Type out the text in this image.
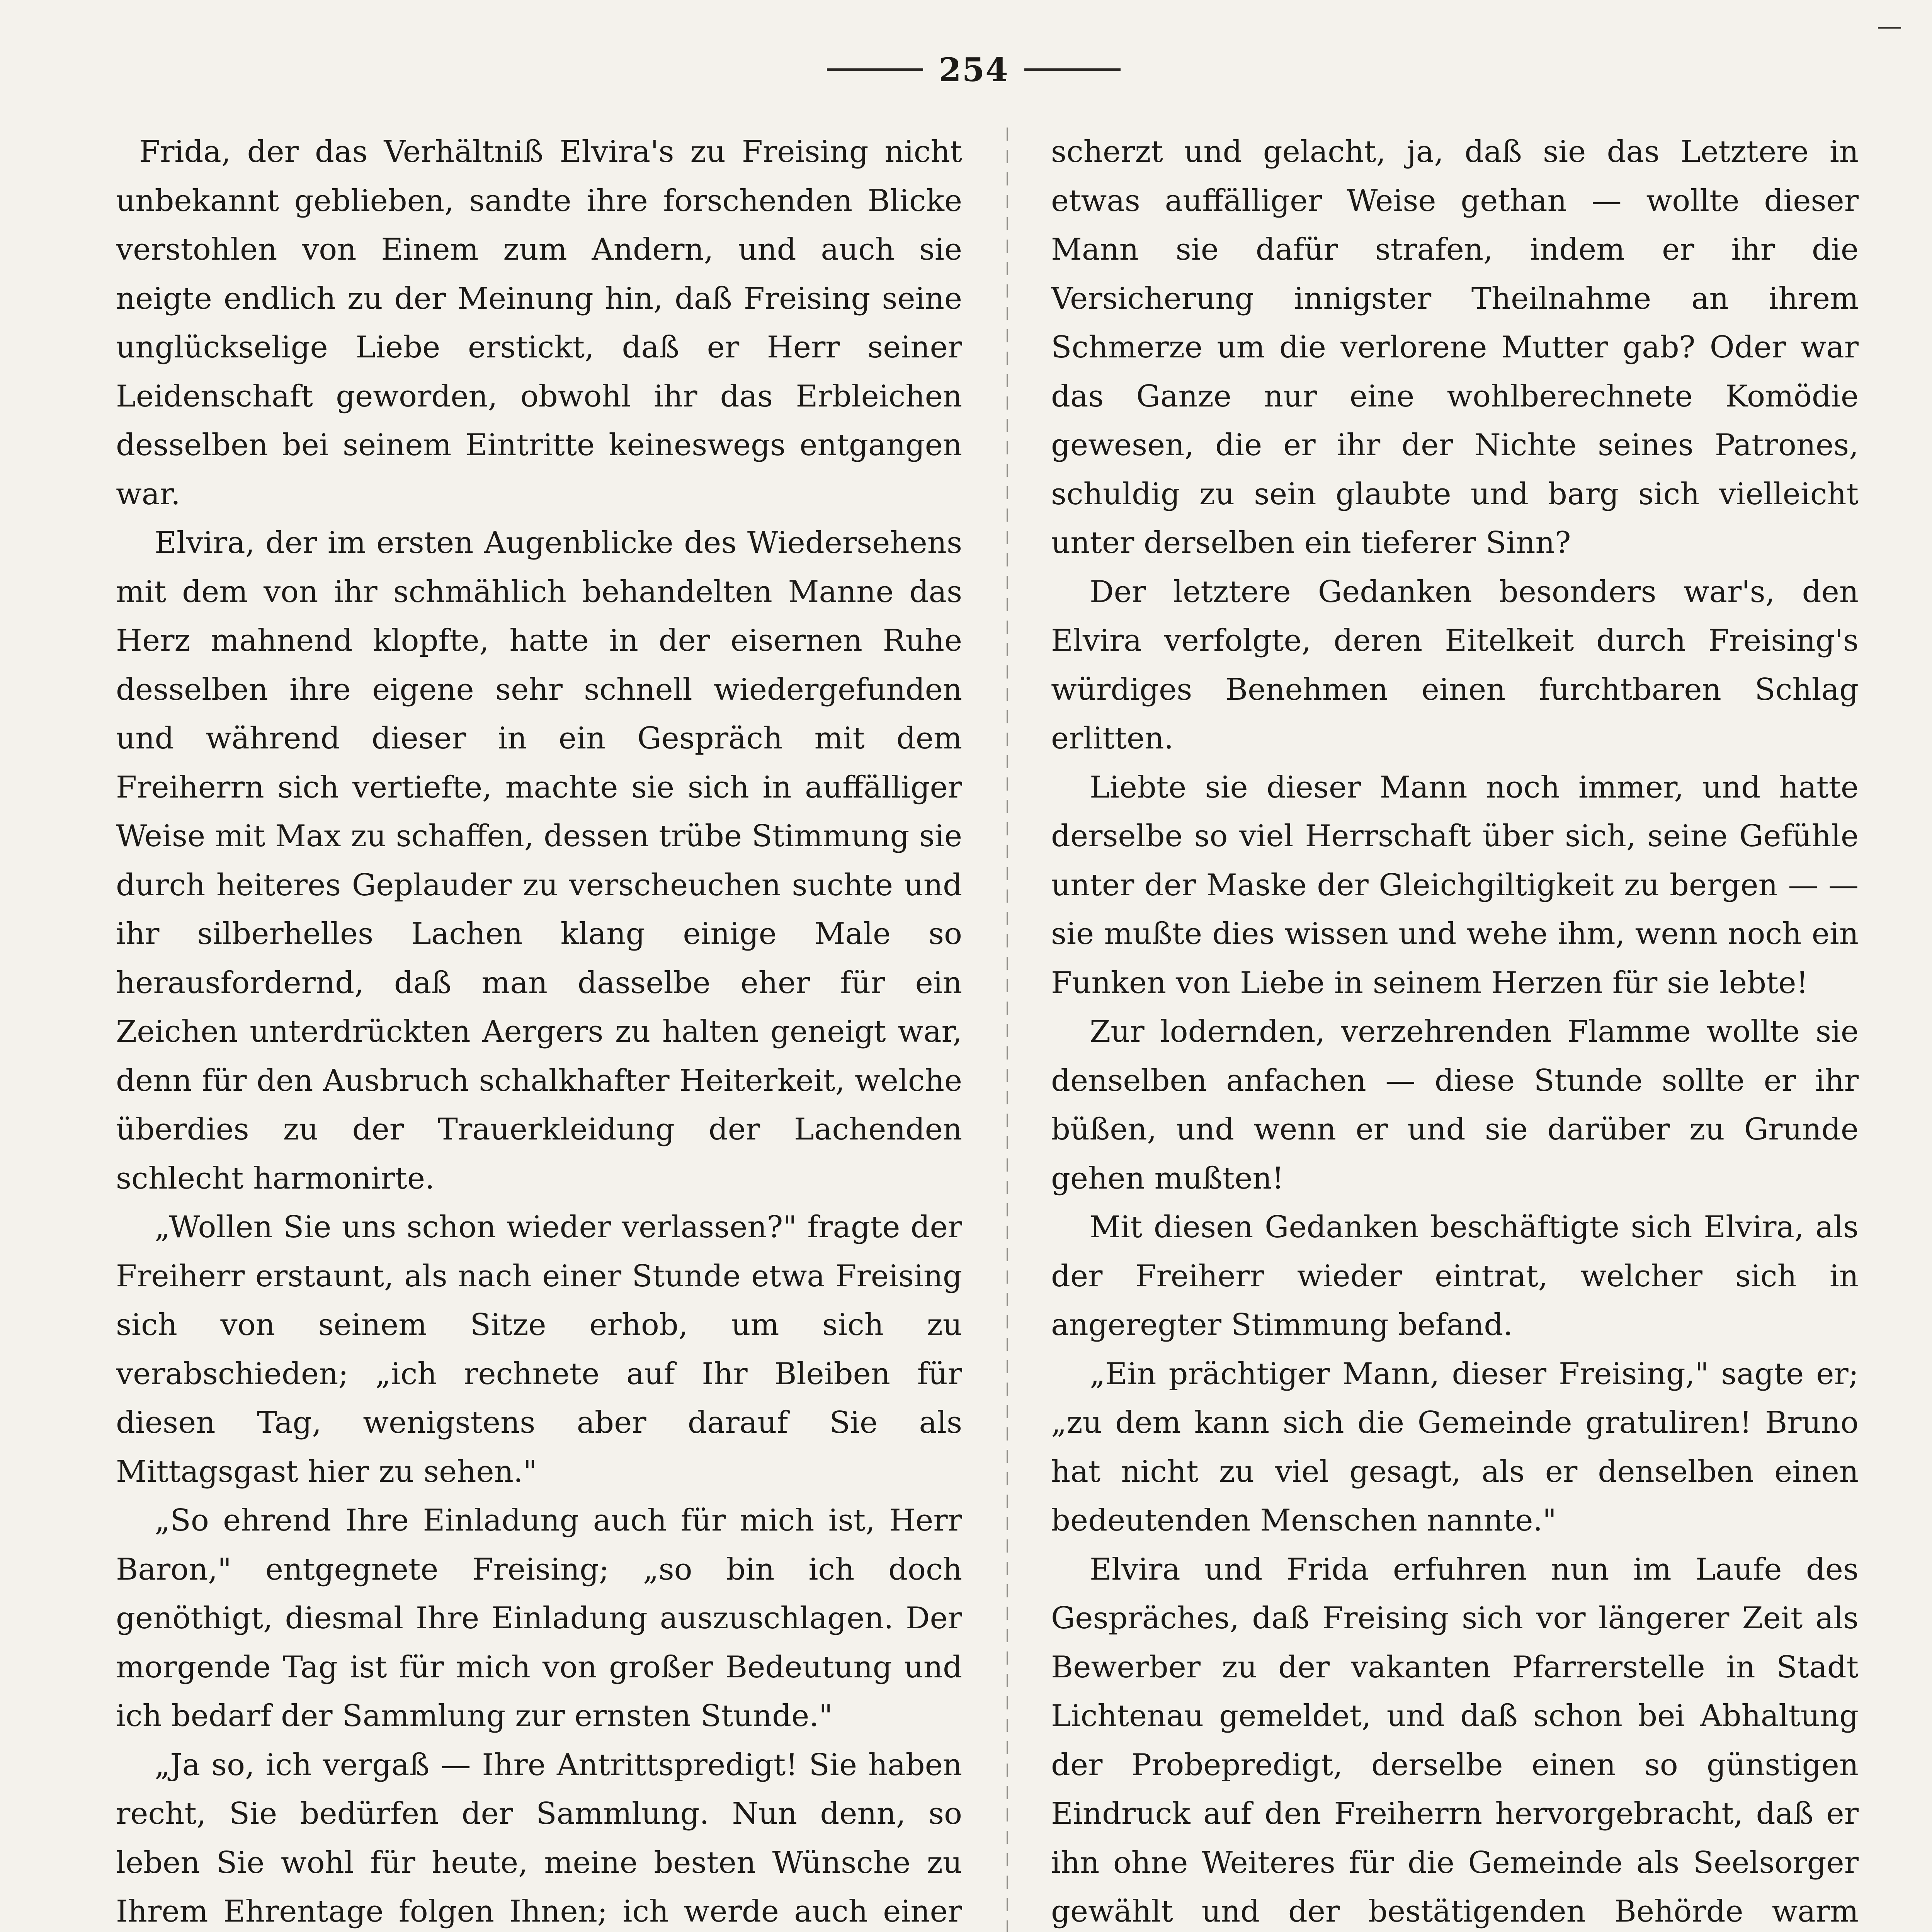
254

Frida, der das Verhältniß Elvira's zu Freising nicht unbekannt geblieben, sandte ihre forschenden Blicke verstohlen von Einem zum Andern, und auch sie neigte endlich zu der Meinung hin, daß Freising seine unglückselige Liebe erstickt, daß er Herr seiner Leidenschaft geworden, obwohl ihr das Erbleichen desselben bei seinem Eintritte keineswegs entgangen war.

Elvira, der im ersten Augenblicke des Wiedersehens mit dem von ihr schmählich behandelten Manne das Herz mahnend klopfte, hatte in der eisernen Ruhe desselben ihre eigene sehr schnell wiedergefunden und während dieser in ein Gespräch mit dem Freiherrn sich vertiefte, machte sie sich in auffälliger Weise mit Max zu schaffen, dessen trübe Stimmung sie durch heiteres Geplauder zu verscheuchen suchte und ihr silberhelles Lachen klang einige Male so herausfordernd, daß man dasselbe eher für ein Zeichen unterdrückten Aergers zu halten geneigt war, denn für den Ausbruch schalkhafter Heiterkeit, welche überdies zu der Trauerkleidung der Lachenden schlecht harmonirte.

„Wollen Sie uns schon wieder verlassen?" fragte der Freiherr erstaunt, als nach einer Stunde etwa Freising sich von seinem Sitze erhob, um sich zu verabschieden; „ich rechnete auf Ihr Bleiben für diesen Tag, wenigstens aber darauf Sie als Mittagsgast hier zu sehen."

„So ehrend Ihre Einladung auch für mich ist, Herr Baron," entgegnete Freising; „so bin ich doch genöthigt, diesmal Ihre Einladung auszuschlagen. Der morgende Tag ist für mich von großer Bedeutung und ich bedarf der Sammlung zur ernsten Stunde."

„Ja so, ich vergaß — Ihre Antrittspredigt! Sie haben recht, Sie bedürfen der Sammlung. Nun denn, so leben Sie wohl für heute, meine besten Wünsche zu Ihrem Ehrentage folgen Ihnen; ich werde auch einer

scherzt und gelacht, ja, daß sie das Letztere in etwas auffälliger Weise gethan — wollte dieser Mann sie dafür strafen, indem er ihr die Versicherung innigster Theilnahme an ihrem Schmerze um die verlorene Mutter gab? Oder war das Ganze nur eine wohlberechnete Komödie gewesen, die er ihr der Nichte seines Patrones, schuldig zu sein glaubte und barg sich vielleicht unter derselben ein tieferer Sinn?

Der letztere Gedanken besonders war's, den Elvira verfolgte, deren Eitelkeit durch Freising's würdiges Benehmen einen furchtbaren Schlag erlitten.

Liebte sie dieser Mann noch immer, und hatte derselbe so viel Herrschaft über sich, seine Gefühle unter der Maske der Gleichgiltigkeit zu bergen — — sie mußte dies wissen und wehe ihm, wenn noch ein Funken von Liebe in seinem Herzen für sie lebte!

Zur lodernden, verzehrenden Flamme wollte sie denselben anfachen — diese Stunde sollte er ihr büßen, und wenn er und sie darüber zu Grunde gehen mußten!

Mit diesen Gedanken beschäftigte sich Elvira, als der Freiherr wieder eintrat, welcher sich in angeregter Stimmung befand.

„Ein prächtiger Mann, dieser Freising," sagte er; „zu dem kann sich die Gemeinde gratuliren! Bruno hat nicht zu viel gesagt, als er denselben einen bedeutenden Menschen nannte."

Elvira und Frida erfuhren nun im Laufe des Gespräches, daß Freising sich vor längerer Zeit als Bewerber zu der vakanten Pfarrerstelle in Stadt Lichtenau gemeldet, und daß schon bei Abhaltung der Probepredigt, derselbe einen so günstigen Eindruck auf den Freiherrn hervorgebracht, daß er ihn ohne Weiteres für die Gemeinde als Seelsorger gewählt und der bestätigenden Behörde warm
